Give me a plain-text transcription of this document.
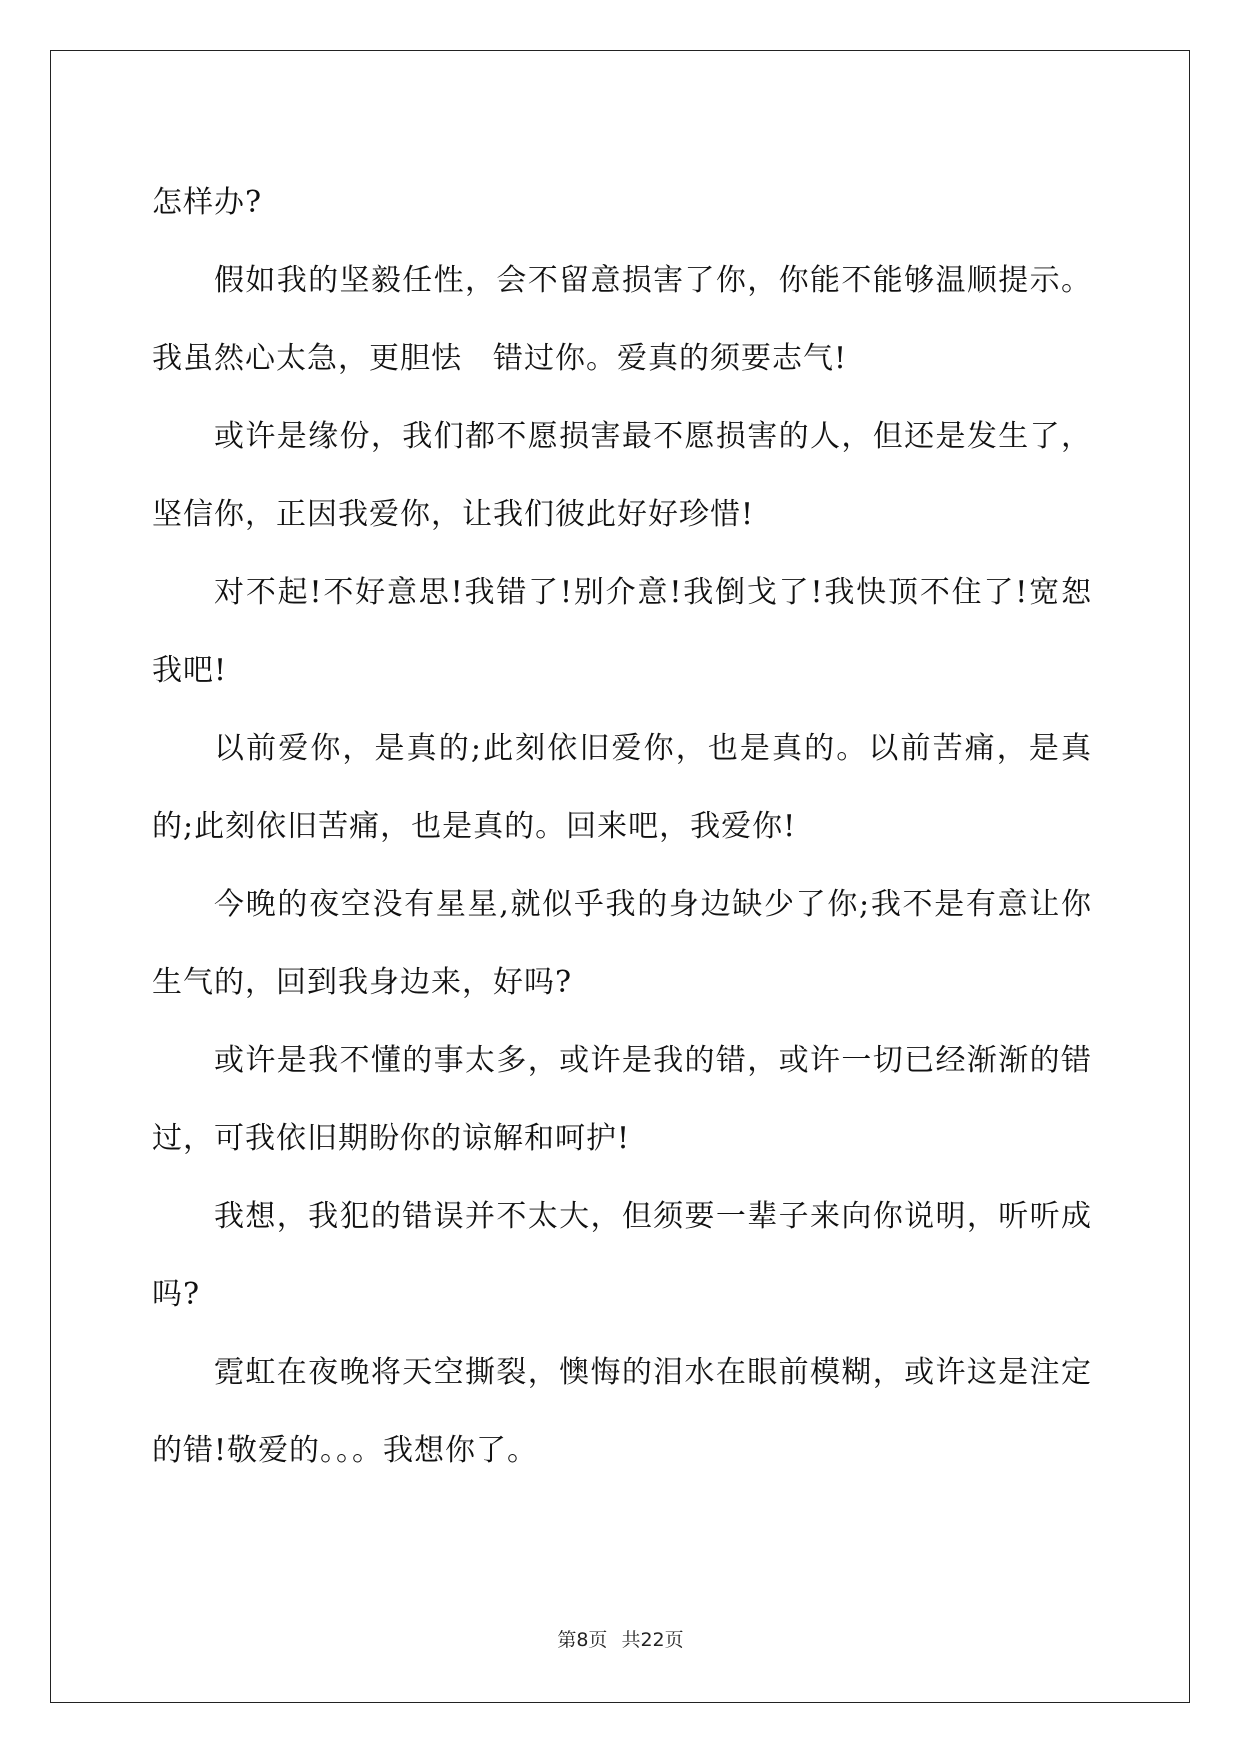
怎样办?

假如我的坚毅任性，会不留意损害了你，你能不能够温顺提示。我虽然心太急，更胆怯　错过你。爱真的须要志气!

或许是缘份，我们都不愿损害最不愿损害的人，但还是发生了，坚信你，正因我爱你，让我们彼此好好珍惜!

对不起!不好意思!我错了!别介意!我倒戈了!我快顶不住了!宽恕我吧!

以前爱你，是真的;此刻依旧爱你，也是真的。以前苦痛，是真的;此刻依旧苦痛，也是真的。回来吧，我爱你!

今晚的夜空没有星星,就似乎我的身边缺少了你;我不是有意让你生气的，回到我身边来，好吗?

或许是我不懂的事太多，或许是我的错，或许一切已经渐渐的错过，可我依旧期盼你的谅解和呵护!

我想，我犯的错误并不太大，但须要一辈子来向你说明，听听成吗?

霓虹在夜晚将天空撕裂，懊悔的泪水在眼前模糊，或许这是注定的错!敬爱的。。。我想你了。

第8页 共22页
